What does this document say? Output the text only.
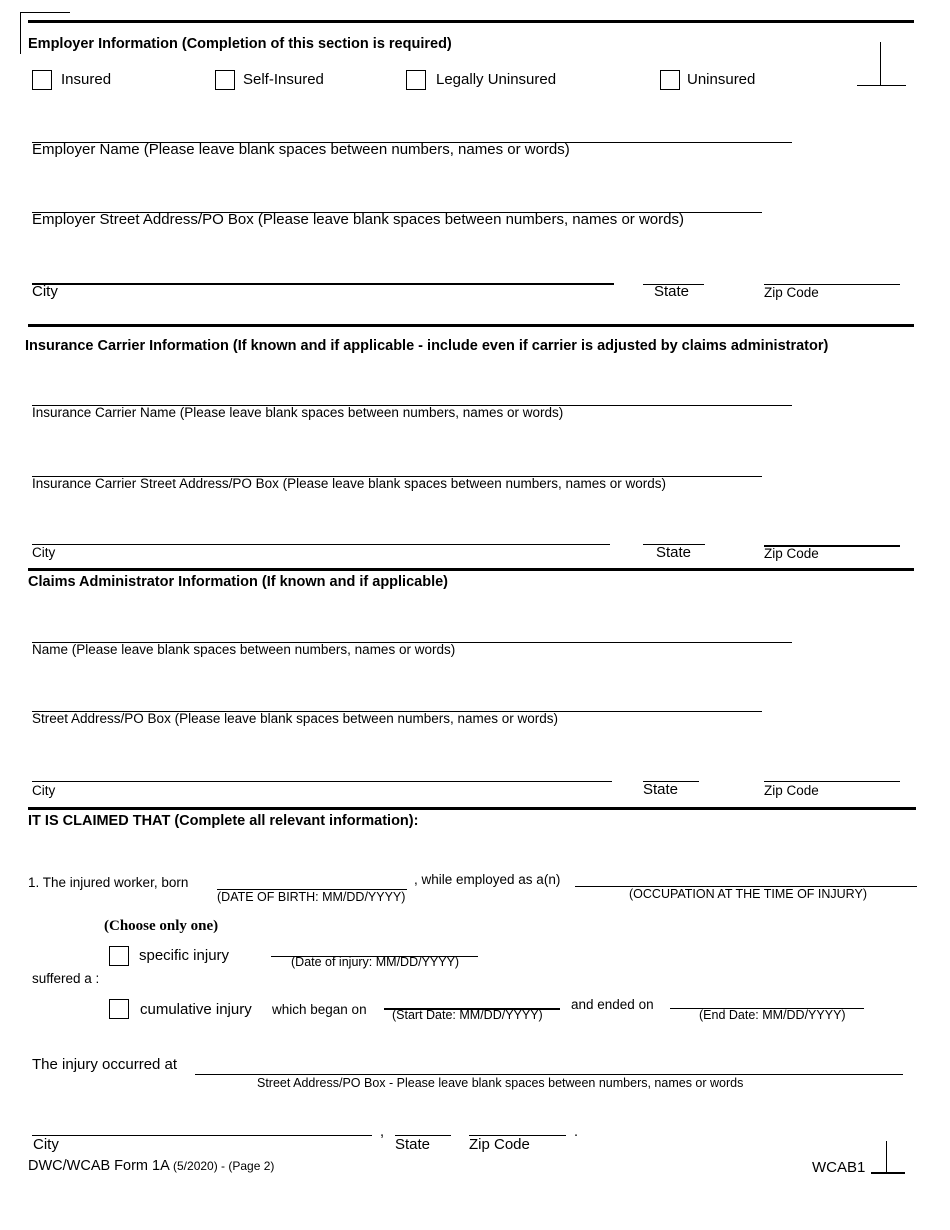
Employer Information (Completion of this section is required)
Insured	Self-Insured	Legally Uninsured	Uninsured
Employer Name (Please leave blank spaces between numbers, names or words)
Employer Street Address/PO Box (Please leave blank spaces between numbers, names or words)
City	State	Zip Code
Insurance Carrier Information (If known and if applicable - include even if carrier is adjusted by claims administrator)
Insurance Carrier Name (Please leave blank spaces between numbers, names or words)
Insurance Carrier Street Address/PO Box (Please leave blank spaces between numbers, names or words)
City	State	Zip Code
Claims Administrator Information (If known and if applicable)
Name (Please leave blank spaces between numbers, names or words)
Street Address/PO Box (Please leave blank spaces between numbers, names or words)
City	State	Zip Code
IT IS CLAIMED THAT (Complete all relevant information):
1. The injured worker, born
(DATE OF BIRTH: MM/DD/YYYY)
, while employed as a(n)
(OCCUPATION AT THE TIME OF INJURY)
(Choose only one)
specific injury	(Date of injury: MM/DD/YYYY)
suffered a :
cumulative injury which began on (Start Date: MM/DD/YYYY)
and ended on
(End Date: MM/DD/YYYY)
The injury occurred at
Street Address/PO Box - Please leave blank spaces between numbers, names or words
City
,
State	Zip Code
.
DWC/WCAB Form 1A (5/2020) - (Page 2)	WCAB1
